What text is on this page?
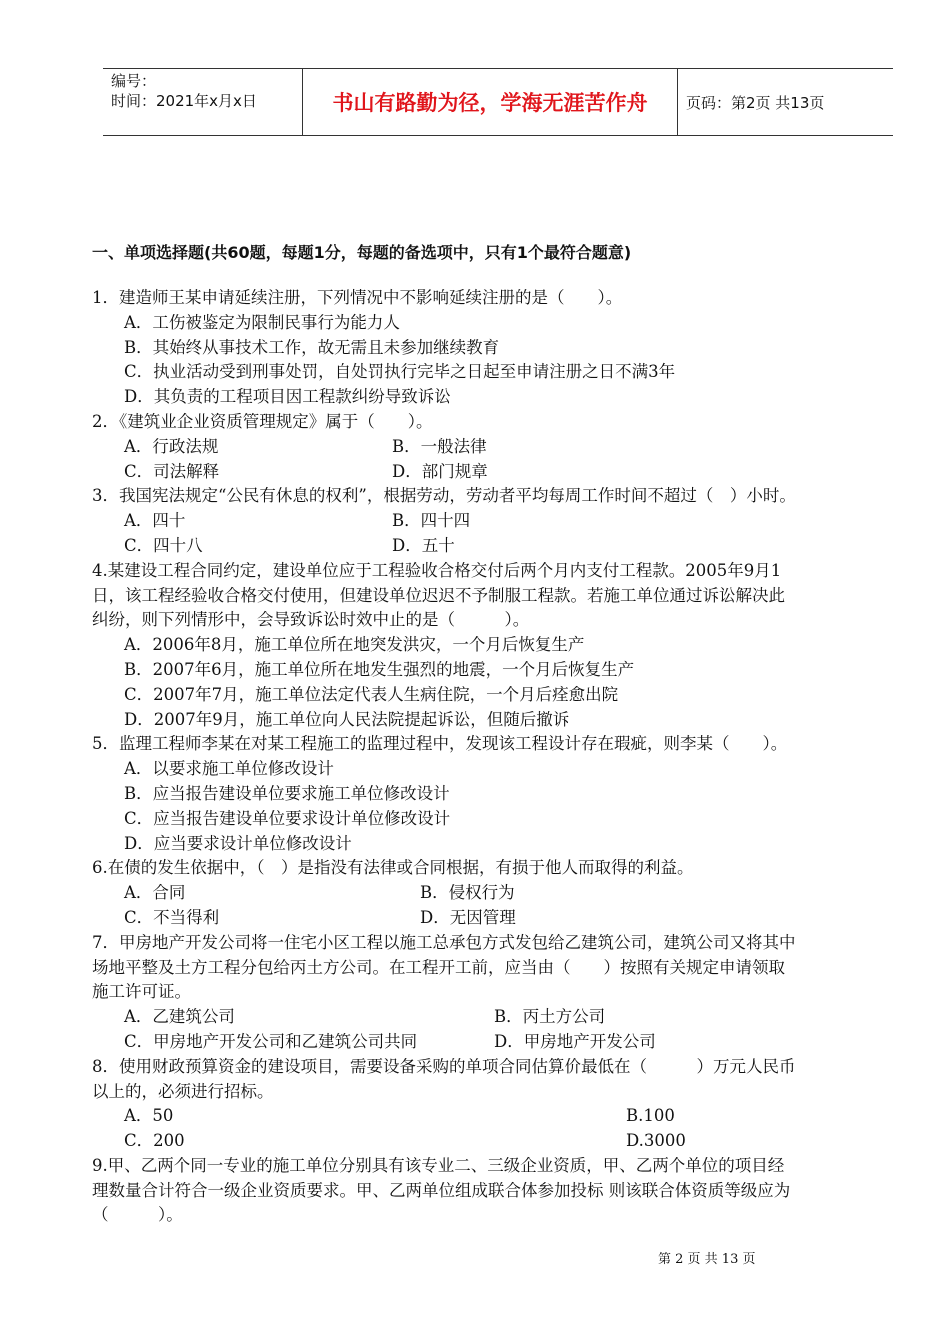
编号：
时间：2021年x月x日	书山有路勤为径，学海无涯苦作舟	页码：第2页 共13页
一、单项选择题(共60题，每题1分，每题的备选项中，只有1个最符合题意)
1．建造师王某申请延续注册，下列情况中不影响延续注册的是（　　）。
A．工伤被鉴定为限制民事行为能力人
B．其始终从事技术工作，故无需且未参加继续教育
C．执业活动受到刑事处罚，自处罚执行完毕之日起至申请注册之日不满3年
D．其负责的工程项目因工程款纠纷导致诉讼
2．《建筑业企业资质管理规定》属于（　　）。
A．行政法规	B．一般法律
C．司法解释	D．部门规章
3．我国宪法规定“公民有休息的权利”，根据劳动，劳动者平均每周工作时间不超过（　）小时。
A．四十	B．四十四
C．四十八	D．五十
4.某建设工程合同约定，建设单位应于工程验收合格交付后两个月内支付工程款。2005年9月1
日，该工程经验收合格交付使用，但建设单位迟迟不予制服工程款。若施工单位通过诉讼解决此
纠纷，则下列情形中，会导致诉讼时效中止的是（　　　）。
A．2006年8月，施工单位所在地突发洪灾，一个月后恢复生产
B．2007年6月，施工单位所在地发生强烈的地震，一个月后恢复生产
C．2007年7月，施工单位法定代表人生病住院，一个月后痊愈出院
D．2007年9月，施工单位向人民法院提起诉讼，但随后撤诉
5．监理工程师李某在对某工程施工的监理过程中，发现该工程设计存在瑕疵，则李某（　　）。
A．以要求施工单位修改设计
B．应当报告建设单位要求施工单位修改设计
C．应当报告建设单位要求设计单位修改设计
D．应当要求设计单位修改设计
6.在债的发生依据中，（　）是指没有法律或合同根据，有损于他人而取得的利益。
A．合同	B．侵权行为
C．不当得利	D．无因管理
7．甲房地产开发公司将一住宅小区工程以施工总承包方式发包给乙建筑公司，建筑公司又将其中
场地平整及土方工程分包给丙土方公司。在工程开工前，应当由（　　）按照有关规定申请领取
施工许可证。
A．乙建筑公司	B．丙土方公司
C．甲房地产开发公司和乙建筑公司共同	D．甲房地产开发公司
8．使用财政预算资金的建设项目，需要设备采购的单项合同估算价最低在（　　　）万元人民币
以上的，必须进行招标。
A．50	B.100
C．200	D.3000
9.甲、乙两个同一专业的施工单位分别具有该专业二、三级企业资质，甲、乙两个单位的项目经
理数量合计符合一级企业资质要求。甲、乙两单位组成联合体参加投标 则该联合体资质等级应为
（　　　）。
第 2 页 共 13 页
